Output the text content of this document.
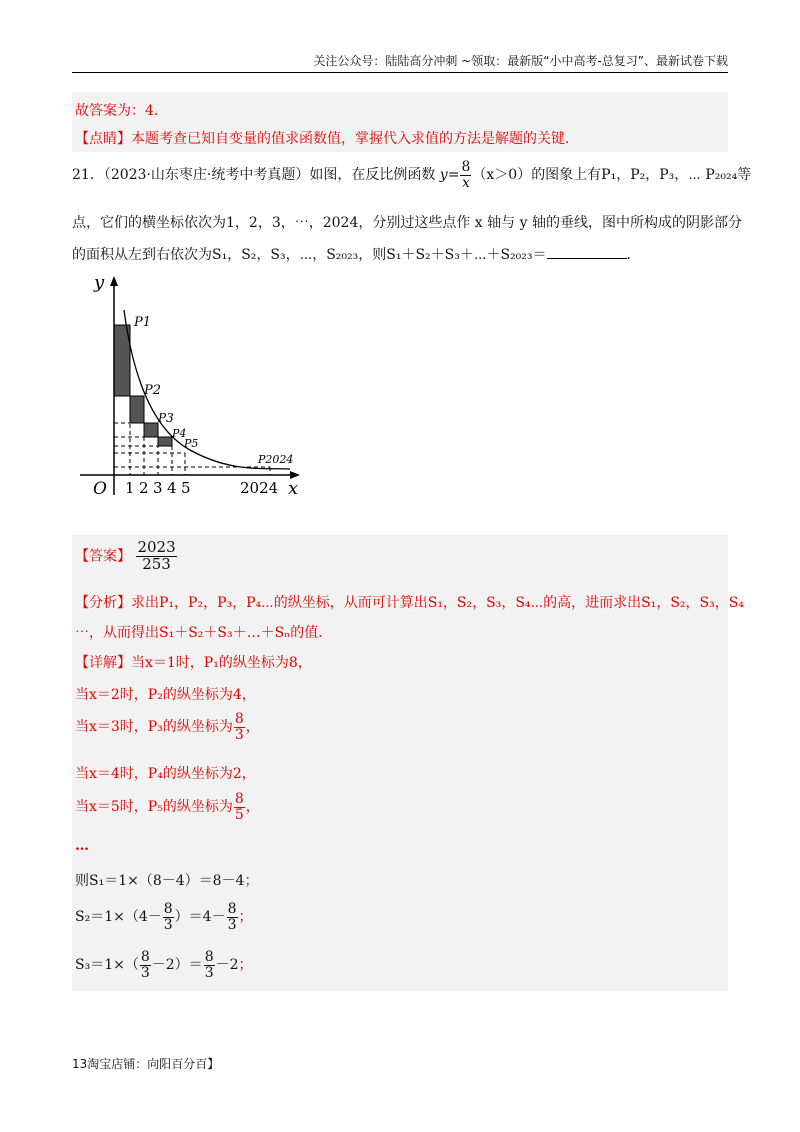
关注公众号：陆陆高分冲刺 ~领取：最新版“小中高考-总复习”、最新试卷下载
故答案为：4．
【点睛】本题考查已知自变量的值求函数值，掌握代入求值的方法是解题的关键．
21．（2023·山东枣庄·统考中考真题）如图，在反比例函数 $y= \frac{8}{x} (x>0)$的图象上有P₁，P₂，P₃，⋯ P₂₀₂₄等
点，它们的横坐标依次为1，2，3，⋯，2024，分别过这些点作 x 轴与 y 轴的垂线，图中所构成的阴影部分
的面积从左到右依次为S₁，S₂，S₃，⋯，S₂₀₂₃，则S₁＋S₂＋S₃＋⋯＋S₂₀₂₃＝	．
y
x
O 1 2 3 4 5	2024
P1
P2
P3
P4
P5
P2024
【答案】 $\frac{2023}{253}$
【分析】求出P₁，P₂，P₃，P₄⋯的纵坐标，从而可计算出S₁，S₂，S₃，S₄⋯的高，进而求出S₁，S₂，S₃，S₄
⋯，从而得出S₁＋S₂＋S₃＋…＋Sₙ的值．
【详解】当x＝1时，P₁的纵坐标为8，
当x＝2时，P₂的纵坐标为4，
当x＝3时，P₃的纵坐标为 $\frac{8}{3}$ ，
当x＝4时，P₄的纵坐标为2，
当x＝5时，P₅的纵坐标为 $\frac{8}{5}$ ，
…
则S₁＝1×（8－4）＝8－4；
$S_2=1\times(4- \frac{8}{3} )=4- \frac{8}{3}$ ；
$S_3=1\times( \frac{8}{3} -2)= \frac{8}{3} -2$；
13淘宝店铺：向阳百分百】
